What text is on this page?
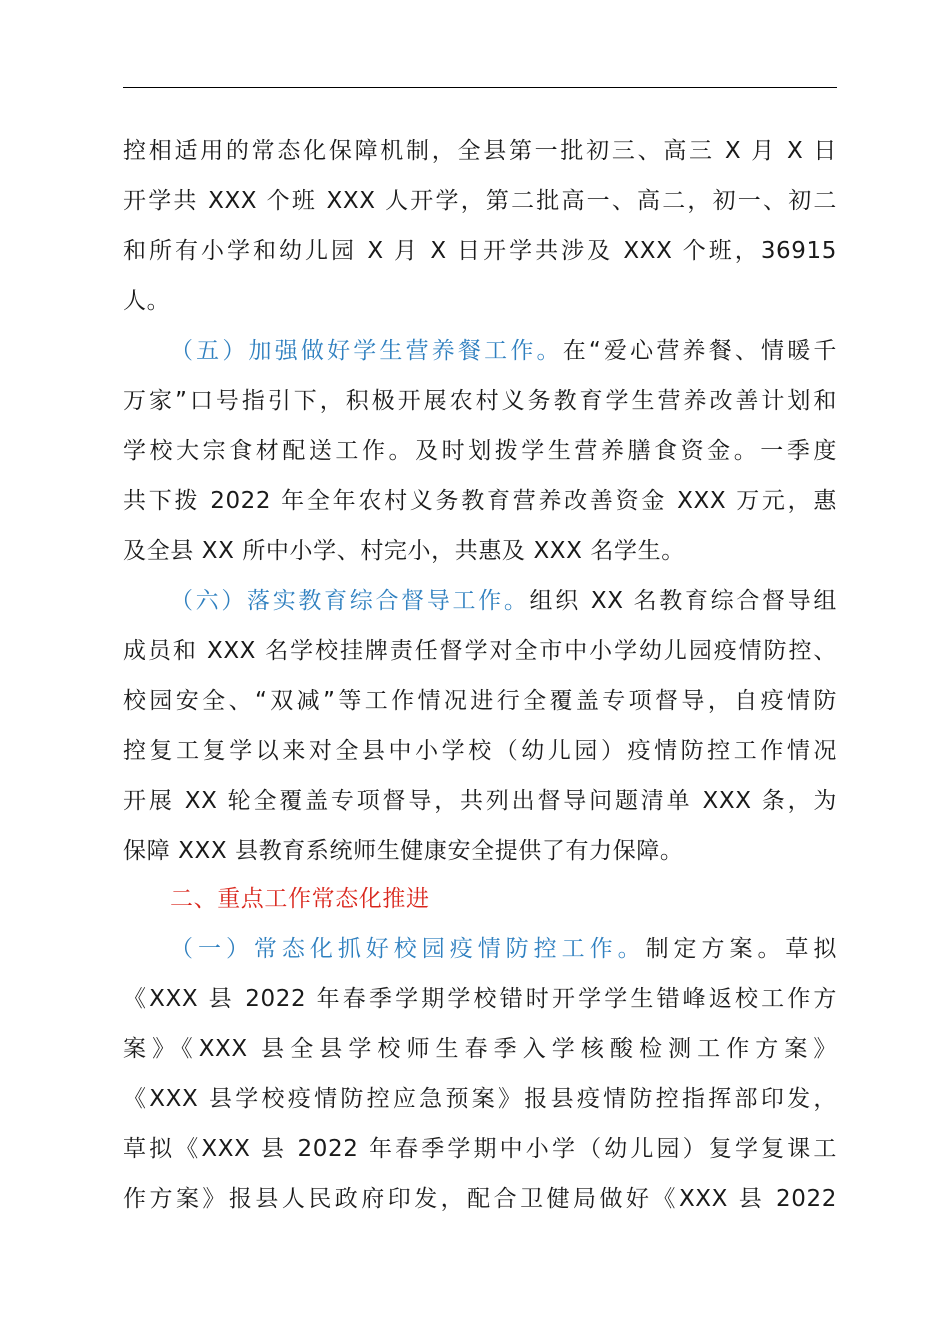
控相适用的常态化保障机制，全县第一批初三、高三 X 月 X 日
开学共 XXX 个班 XXX 人开学，第二批高一、高二，初一、初二
和所有小学和幼儿园 X 月 X 日开学共涉及 XXX 个班，36915
人。
（五）加强做好学生营养餐工作。在“爱心营养餐、情暖千
万家”口号指引下，积极开展农村义务教育学生营养改善计划和
学校大宗食材配送工作。及时划拨学生营养膳食资金。一季度
共下拨 2022 年全年农村义务教育营养改善资金 XXX 万元，惠
及全县 XX 所中小学、村完小，共惠及 XXX 名学生。
（六）落实教育综合督导工作。组织 XX 名教育综合督导组
成员和 XXX 名学校挂牌责任督学对全市中小学幼儿园疫情防控、
校园安全、“双减”等工作情况进行全覆盖专项督导，自疫情防
控复工复学以来对全县中小学校（幼儿园）疫情防控工作情况
开展 XX 轮全覆盖专项督导，共列出督导问题清单 XXX 条，为
保障 XXX 县教育系统师生健康安全提供了有力保障。
二、重点工作常态化推进
（一）常态化抓好校园疫情防控工作。制定方案。草拟
《XXX 县 2022 年春季学期学校错时开学学生错峰返校工作方
案》《XXX 县全县学校师生春季入学核酸检测工作方案》
《XXX 县学校疫情防控应急预案》报县疫情防控指挥部印发，
草拟《XXX 县 2022 年春季学期中小学（幼儿园）复学复课工
作方案》报县人民政府印发，配合卫健局做好《XXX 县 2022
